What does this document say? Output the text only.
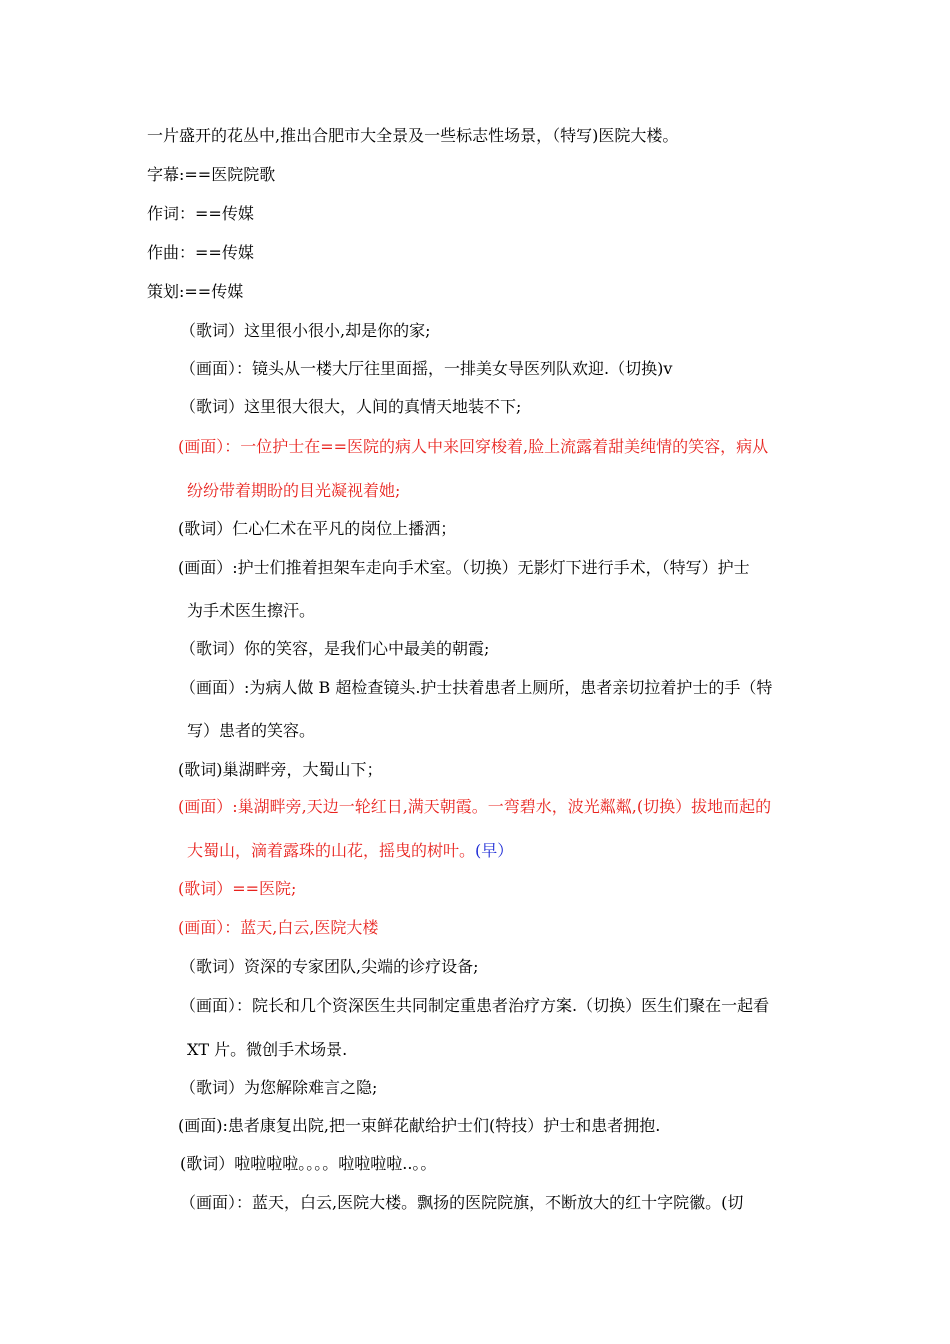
一片盛开的花丛中,推出合肥市大全景及一些标志性场景，（特写)医院大楼。
字幕:==医院院歌
作词：==传媒
作曲：==传媒
策划:==传媒
（歌词）这里很小很小,却是你的家;
（画面）：镜头从一楼大厅往里面摇，一排美女导医列队欢迎.（切换)v
（歌词）这里很大很大，人间的真情天地装不下;
(画面）：一位护士在==医院的病人中来回穿梭着,脸上流露着甜美纯情的笑容，病从
纷纷带着期盼的目光凝视着她;
(歌词）仁心仁术在平凡的岗位上播洒；
(画面）:护士们推着担架车走向手术室。（切换）无影灯下进行手术，（特写）护士
为手术医生擦汗。
（歌词）你的笑容，是我们心中最美的朝霞;
（画面）:为病人做 B 超检查镜头.护士扶着患者上厕所，患者亲切拉着护士的手（特
写）患者的笑容。
(歌词)巢湖畔旁，大蜀山下；
(画面）:巢湖畔旁,天边一轮红日,满天朝霞。一弯碧水，波光粼粼,(切换）拔地而起的
大蜀山，滴着露珠的山花，摇曳的树叶。(早）
(歌词）==医院;
(画面）：蓝天,白云,医院大楼
（歌词）资深的专家团队,尖端的诊疗设备;
（画面）：院长和几个资深医生共同制定重患者治疗方案.（切换）医生们聚在一起看
XT 片。微创手术场景.
（歌词）为您解除难言之隐;
(画面):患者康复出院,把一束鲜花献给护士们(特技）护士和患者拥抱.
(歌词）啦啦啦啦。。。。啦啦啦啦..。。
（画面）：蓝天，白云,医院大楼。飘扬的医院院旗，不断放大的红十字院徽。(切
